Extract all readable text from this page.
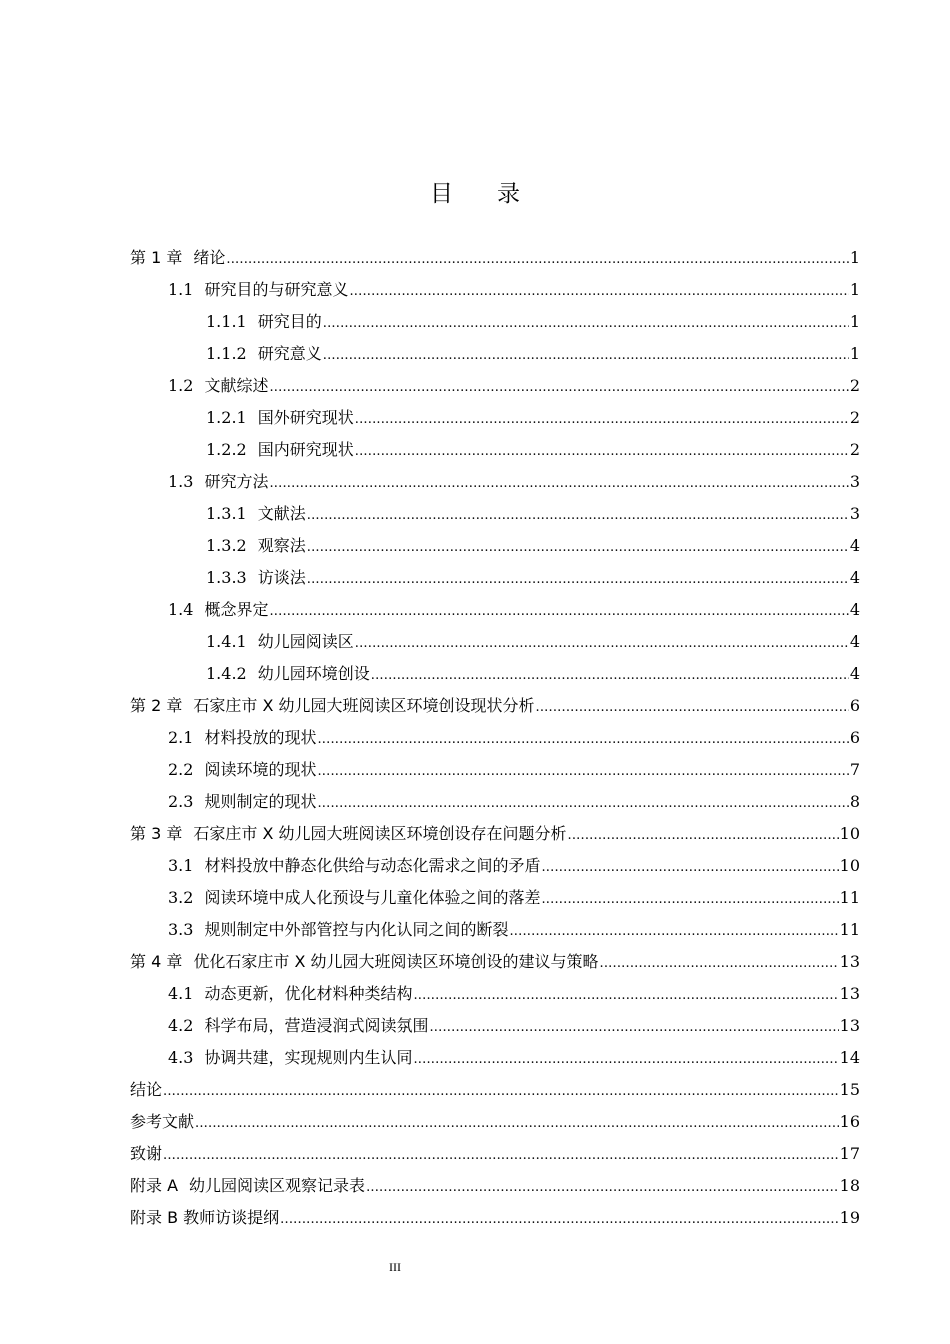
目录
第 1 章 绪论 .....	1
1.1 研究目的与研究意义 .....	1
1.1.1 研究目的 .....	1
1.1.2 研究意义 .....	1
1.2 文献综述 .....	2
1.2.1 国外研究现状 .....	2
1.2.2 国内研究现状 .....	2
1.3 研究方法 .....	3
1.3.1 文献法 .....	3
1.3.2 观察法 .....	4
1.3.3 访谈法 .....	4
1.4 概念界定 .....	4
1.4.1 幼儿园阅读区 .....	4
1.4.2 幼儿园环境创设 .....	4
第 2 章 石家庄市 X 幼儿园大班阅读区环境创设现状分析 .....	6
2.1 材料投放的现状 .....	6
2.2 阅读环境的现状 .....	7
2.3 规则制定的现状 .....	8
第 3 章 石家庄市 X 幼儿园大班阅读区环境创设存在问题分析 .....	10
3.1 材料投放中静态化供给与动态化需求之间的矛盾 .....	10
3.2 阅读环境中成人化预设与儿童化体验之间的落差 .....	11
3.3 规则制定中外部管控与内化认同之间的断裂 .....	11
第 4 章 优化石家庄市 X 幼儿园大班阅读区环境创设的建议与策略 .....	13
4.1 动态更新，优化材料种类结构 .....	13
4.2 科学布局，营造浸润式阅读氛围 .....	13
4.3 协调共建，实现规则内生认同 .....	14
结论 .....	15
参考文献 .....	16
致谢 .....	17
附录 A 幼儿园阅读区观察记录表 .....	18
附录 B 教师访谈提纲 .....	19
III
